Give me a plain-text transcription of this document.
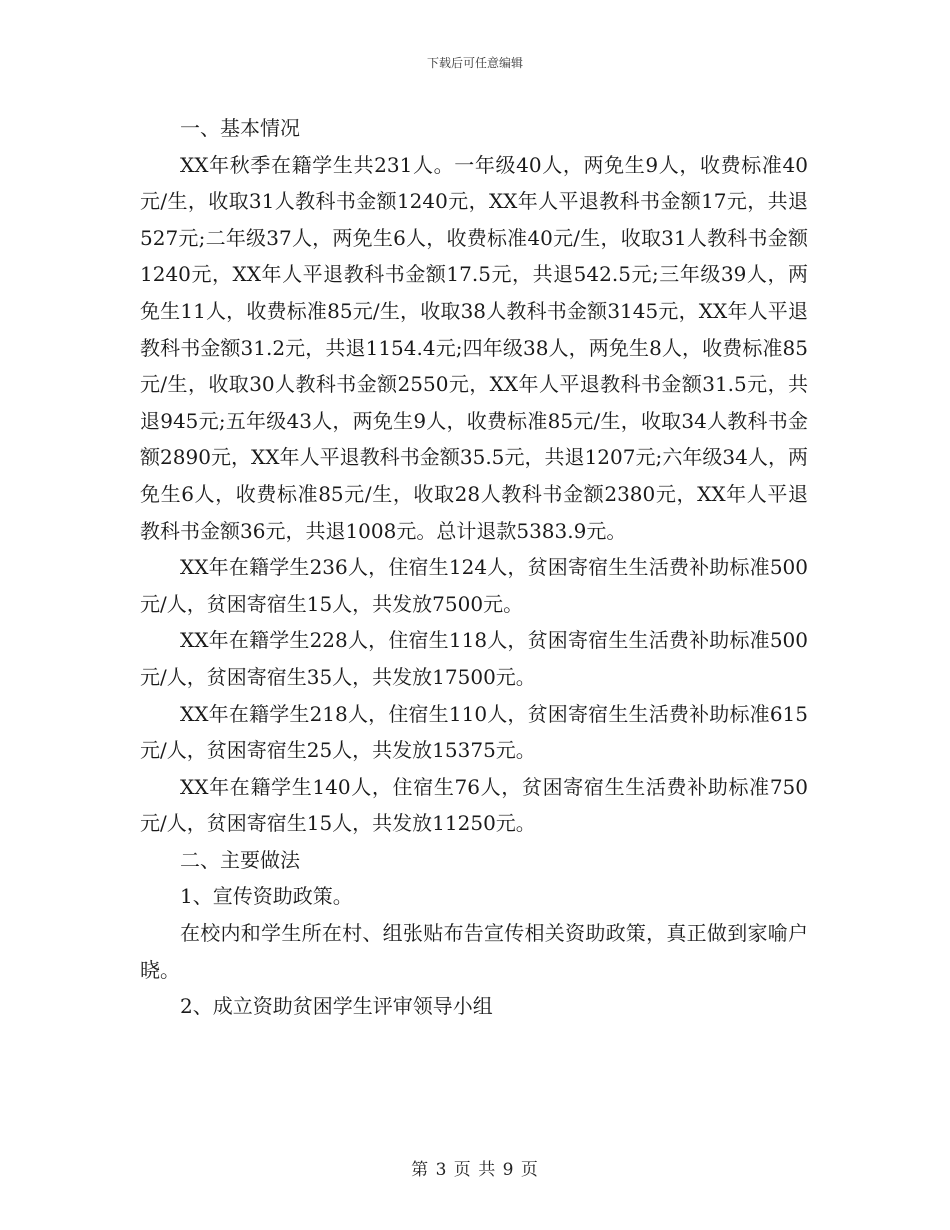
下载后可任意编辑

一、基本情况

XX年秋季在籍学生共231人。一年级40人，两免生9人，收费标准40元/生，收取31人教科书金额1240元，XX年人平退教科书金额17元，共退527元;二年级37人，两免生6人，收费标准40元/生，收取31人教科书金额1240元，XX年人平退教科书金额17.5元，共退542.5元;三年级39人，两免生11人，收费标准85元/生，收取38人教科书金额3145元，XX年人平退教科书金额31.2元，共退1154.4元;四年级38人，两免生8人，收费标准85元/生，收取30人教科书金额2550元，XX年人平退教科书金额31.5元，共退945元;五年级43人，两免生9人，收费标准85元/生，收取34人教科书金额2890元，XX年人平退教科书金额35.5元，共退1207元;六年级34人，两免生6人，收费标准85元/生，收取28人教科书金额2380元，XX年人平退教科书金额36元，共退1008元。总计退款5383.9元。

XX年在籍学生236人，住宿生124人，贫困寄宿生生活费补助标准500元/人，贫困寄宿生15人，共发放7500元。

XX年在籍学生228人，住宿生118人，贫困寄宿生生活费补助标准500元/人，贫困寄宿生35人，共发放17500元。

XX年在籍学生218人，住宿生110人，贫困寄宿生生活费补助标准615元/人，贫困寄宿生25人，共发放15375元。

XX年在籍学生140人，住宿生76人，贫困寄宿生生活费补助标准750元/人，贫困寄宿生15人，共发放11250元。

二、主要做法

1、宣传资助政策。

在校内和学生所在村、组张贴布告宣传相关资助政策，真正做到家喻户晓。

2、成立资助贫困学生评审领导小组

第 3 页 共 9 页
